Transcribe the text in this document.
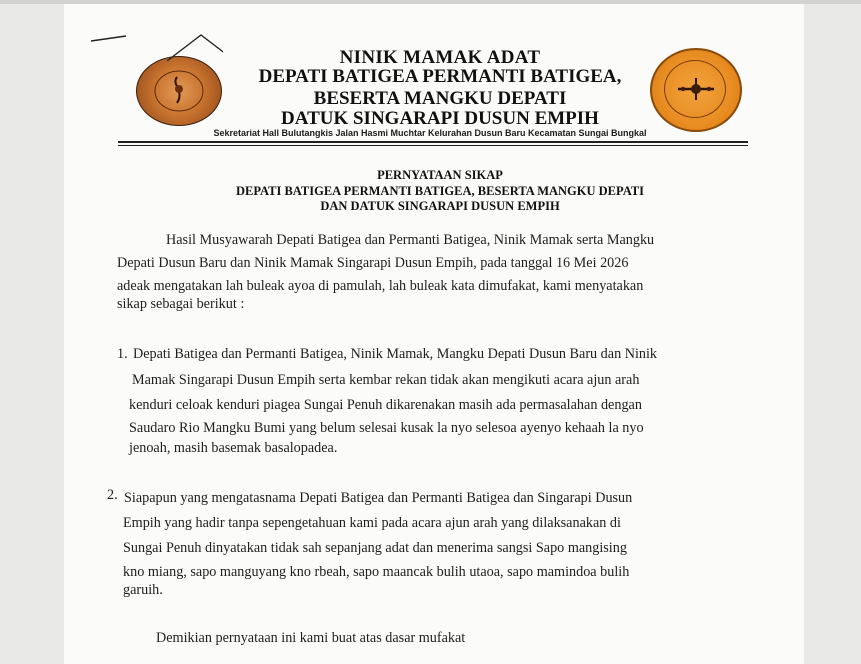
NINIK MAMAK ADAT
DEPATI BATIGEA PERMANTI BATIGEA,
BESERTA MANGKU DEPATI
DATUK SINGARAPI DUSUN EMPIH
Sekretariat Hall Bulutangkis Jalan Hasmi Muchtar Kelurahan Dusun Baru Kecamatan Sungai Bungkal
PERNYATAAN SIKAP
DEPATI BATIGEA PERMANTI BATIGEA, BESERTA MANGKU DEPATI
DAN DATUK SINGARAPI DUSUN EMPIH
Hasil Musyawarah Depati Batigea dan Permanti Batigea, Ninik Mamak serta Mangku
Depati Dusun Baru dan Ninik Mamak Singarapi Dusun Empih, pada tanggal 16 Mei 2026
adeak mengatakan lah buleak ayoa di pamulah, lah buleak kata dimufakat, kami menyatakan
sikap sebagai berikut :
1. Depati Batigea dan Permanti Batigea, Ninik Mamak, Mangku Depati Dusun Baru dan Ninik
Mamak Singarapi Dusun Empih serta kembar rekan tidak akan mengikuti acara ajun arah
kenduri celoak kenduri piagea Sungai Penuh dikarenakan masih ada permasalahan dengan
Saudaro Rio Mangku Bumi yang belum selesai kusak la nyo selesoa ayenyo kehaah la nyo
jenoah, masih basemak basalopadea.
2. Siapapun yang mengatasnama Depati Batigea dan Permanti Batigea dan Singarapi Dusun
Empih yang hadir tanpa sepengetahuan kami pada acara ajun arah yang dilaksanakan di
Sungai Penuh dinyatakan tidak sah sepanjang adat dan menerima sangsi Sapo mangising
kno miang, sapo manguyang kno rbeah, sapo maancak bulih utaoa, sapo mamindoa bulih
garuih.
Demikian pernyataan ini kami buat atas dasar mufakat
